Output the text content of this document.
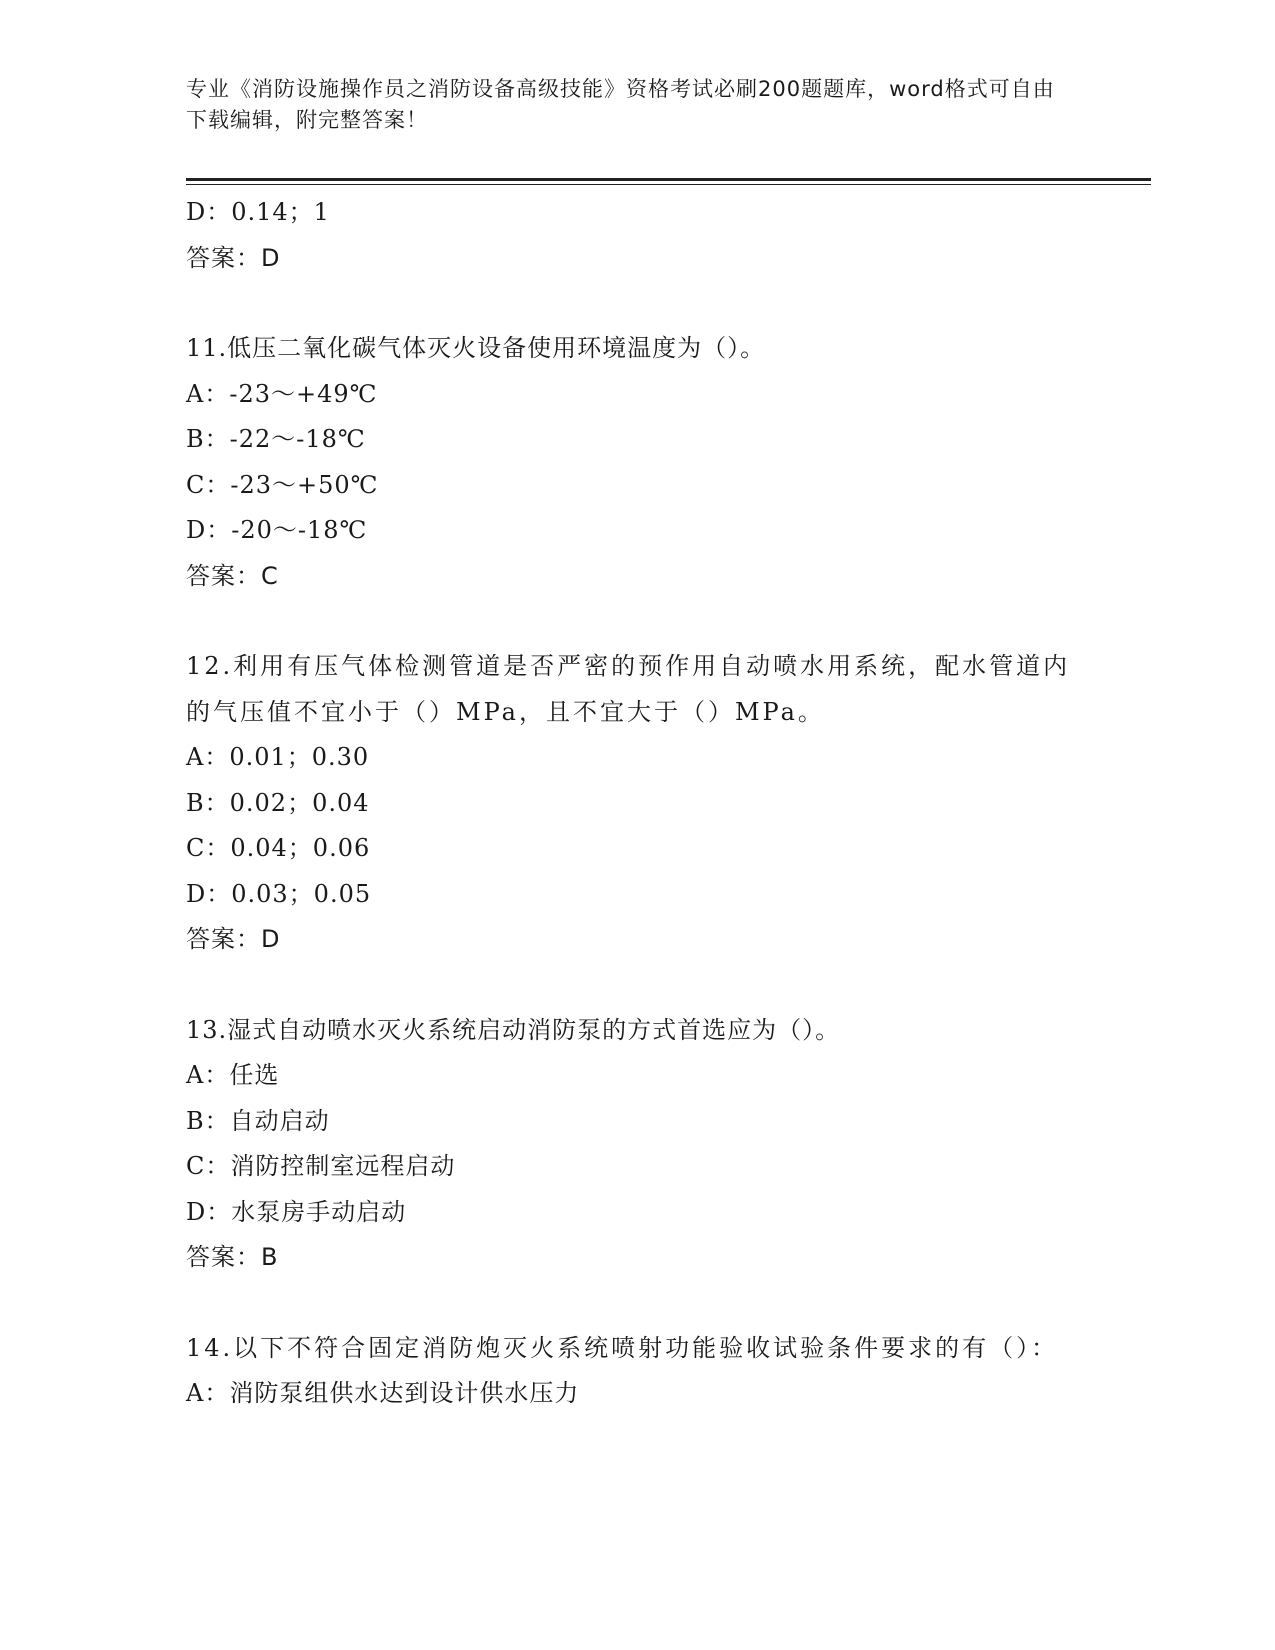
专业《消防设施操作员之消防设备高级技能》资格考试必刷200题题库，word格式可自由下载编辑，附完整答案！
D：0.14；1
答案：D
11.低压二氧化碳气体灭火设备使用环境温度为（）。
A：-23～+49℃
B：-22～-18℃
C：-23～+50℃
D：-20～-18℃
答案：C
12.利用有压气体检测管道是否严密的预作用自动喷水用系统，配水管道内的气压值不宜小于（）MPa，且不宜大于（）MPa。
A：0.01；0.30
B：0.02；0.04
C：0.04；0.06
D：0.03；0.05
答案：D
13.湿式自动喷水灭火系统启动消防泵的方式首选应为（）。
A：任选
B：自动启动
C：消防控制室远程启动
D：水泵房手动启动
答案：B
14.以下不符合固定消防炮灭火系统喷射功能验收试验条件要求的有（）：
A：消防泵组供水达到设计供水压力
